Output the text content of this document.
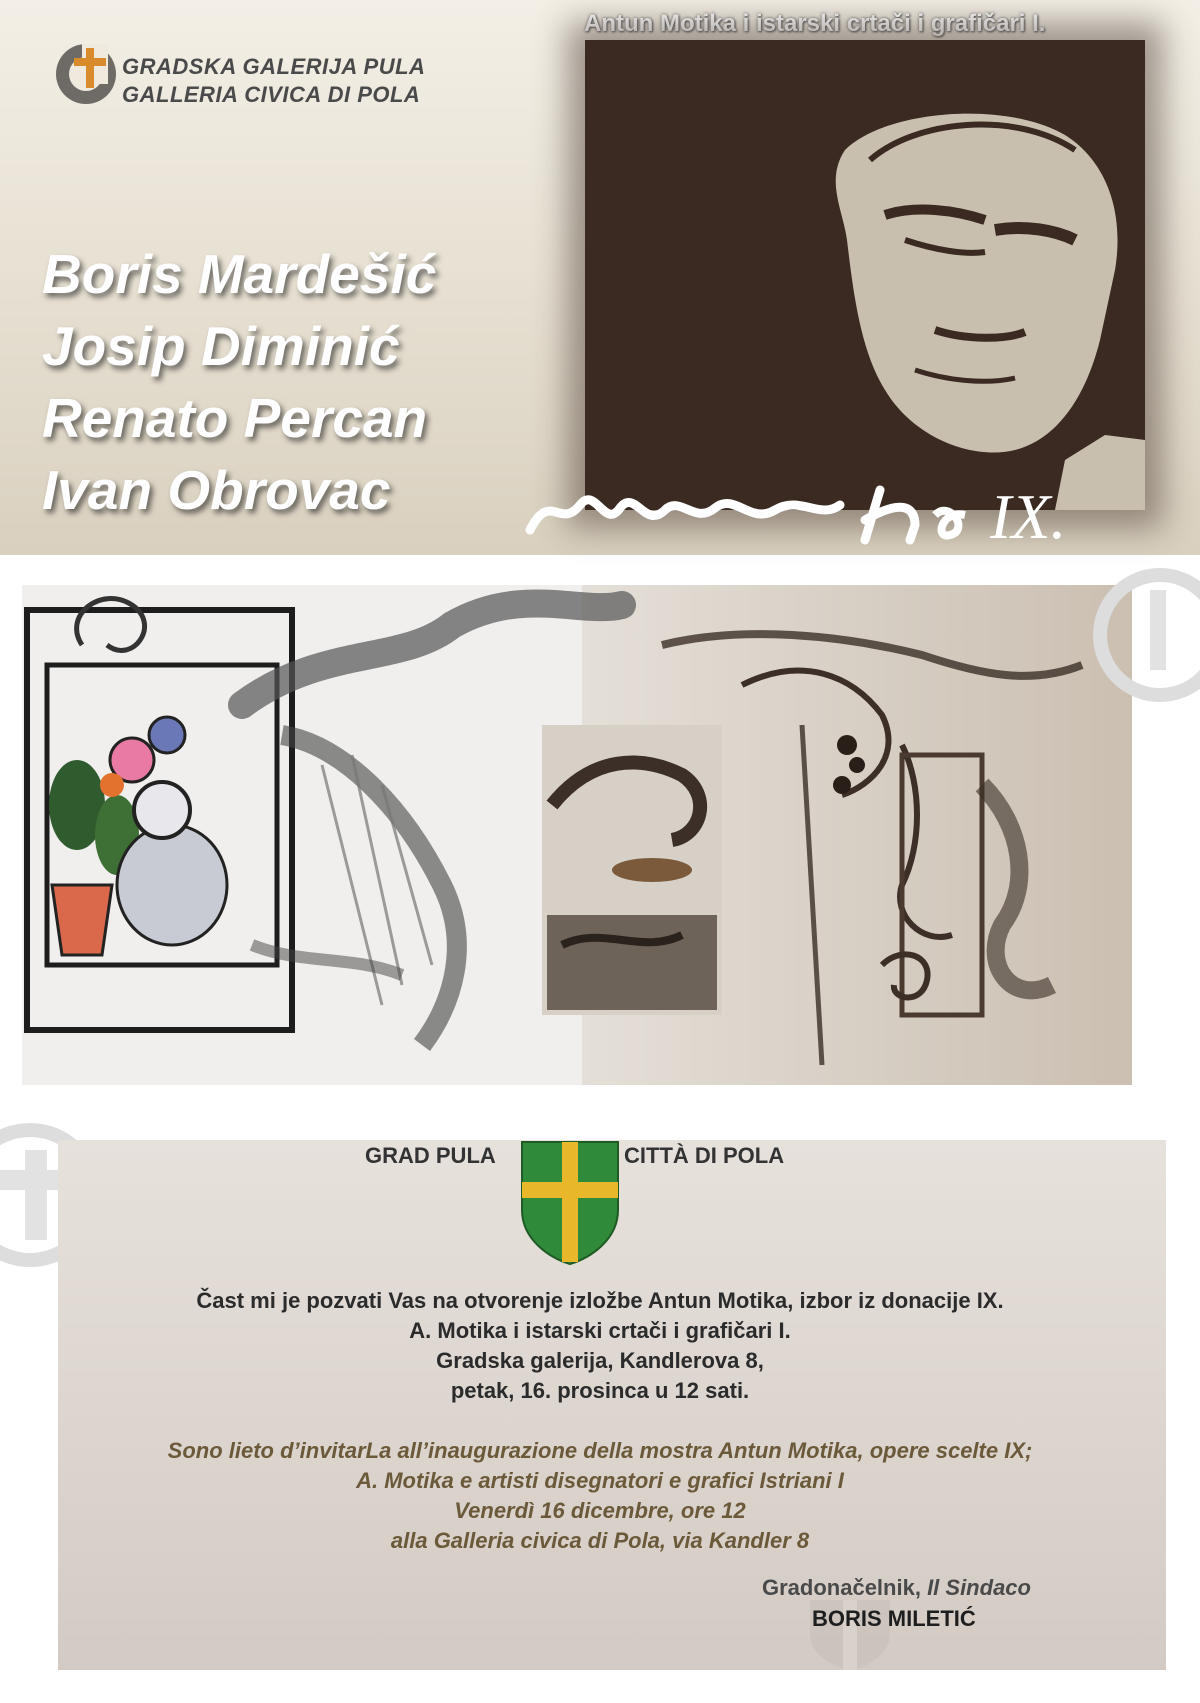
GRADSKA GALERIJA PULA
GALLERIA CIVICA DI POLA
Boris Mardešić
Josip Diminić
Renato Percan
Ivan Obrovac
Antun Motika i istarski crtači i grafičari I.
IX.
GRAD PULA	CITTÀ DI POLA
Čast mi je pozvati Vas na otvorenje izložbe Antun Motika, izbor iz donacije IX.
A. Motika i istarski crtači i grafičari I.
Gradska galerija, Kandlerova 8,
petak, 16. prosinca u 12 sati.
Sono lieto d’invitarLa all’inaugurazione della mostra Antun Motika, opere scelte IX;
A. Motika e artisti disegnatori e grafici Istriani I
Venerdì 16 dicembre, ore 12
alla Galleria civica di Pola, via Kandler 8
Gradonačelnik, Il Sindaco
BORIS MILETIĆ
